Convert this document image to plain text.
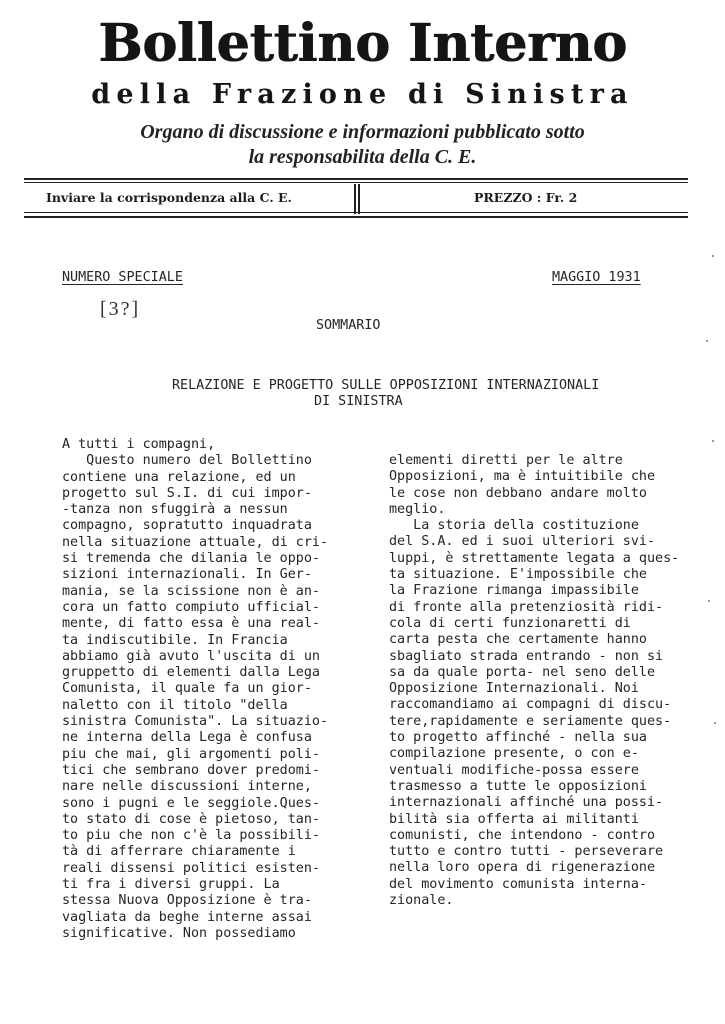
Bollettino Interno
della Frazione di Sinistra
Organo di discussione e informazioni pubblicato sotto
la responsabilita della C. E.
Inviare la corrispondenza alla C. E.	PREZZO : Fr. 2
NUMERO SPECIALE	MAGGIO 1931
[3?]
SOMMARIO
RELAZIONE E PROGETTO SULLE OPPOSIZIONI INTERNAZIONALI
DI SINISTRA
A tutti i compagni,
Questo numero del Bollettino
contiene una relazione, ed un
progetto sul S.I. di cui impor-
-tanza non sfuggirà a nessun
compagno, sopratutto inquadrata
nella situazione attuale, di cri-
si tremenda che dilania le oppo-
sizioni internazionali. In Ger-
mania, se la scissione non è an-
cora un fatto compiuto ufficial-
mente, di fatto essa è una real-
ta indiscutibile. In Francia
abbiamo già avuto l'uscita di un
gruppetto di elementi dalla Lega
Comunista, il quale fa un gior-
naletto con il titolo "della
sinistra Comunista". La situazio-
ne interna della Lega è confusa
piu che mai, gli argomenti poli-
tici che sembrano dover predomi-
nare nelle discussioni interne,
sono i pugni e le seggiole.Ques-
to stato di cose è pietoso, tan-
to piu che non c'è la possibili-
tà di afferrare chiaramente i
reali dissensi politici esisten-
ti fra i diversi gruppi. La
stessa Nuova Opposizione è tra-
vagliata da beghe interne assai
significative. Non possediamo
elementi diretti per le altre
Opposizioni, ma è intuitibile che
le cose non debbano andare molto
meglio.
La storia della costituzione
del S.A. ed i suoi ulteriori svi-
luppi, è strettamente legata a ques-
ta situazione. E'impossibile che
la Frazione rimanga impassibile
di fronte alla pretenziosità ridi-
cola di certi funzionaretti di
carta pesta che certamente hanno
sbagliato strada entrando - non si
sa da quale porta- nel seno delle
Opposizione Internazionali. Noi
raccomandiamo ai compagni di discu-
tere,rapidamente e seriamente ques-
to progetto affinché - nella sua
compilazione presente, o con e-
ventuali modifiche-possa essere
trasmesso a tutte le opposizioni
internazionali affinché una possi-
bilità sia offerta ai militanti
comunisti, che intendono - contro
tutto e contro tutti - perseverare
nella loro opera di rigenerazione
del movimento comunista interna-
zionale.
